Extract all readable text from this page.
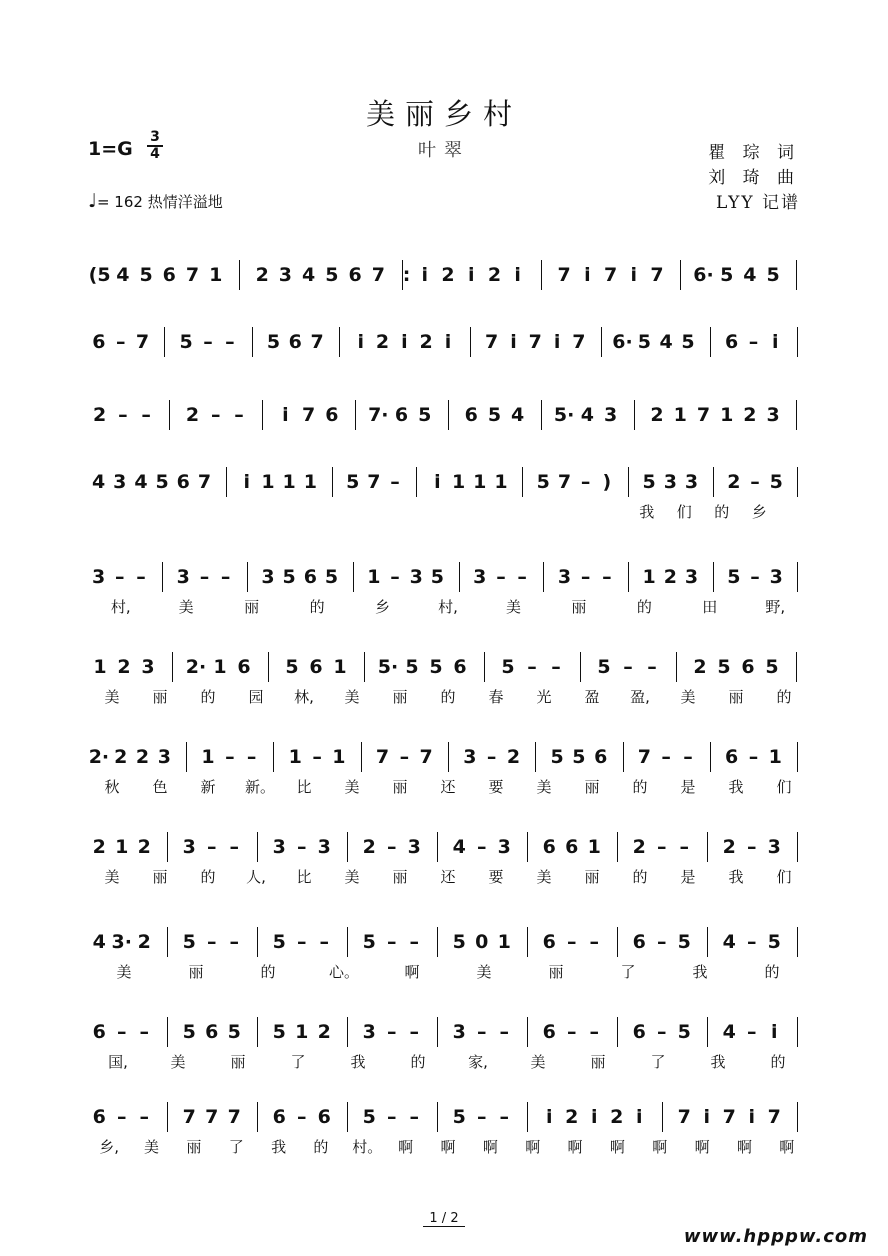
美丽乡村
叶翠
1=G
3
4
♩= 162 热情洋溢地
瞿 琮 词
刘 琦 曲
LYY 记谱
(5 4 5 6 7 1 2 3 4 5 6 7 : i 2 i 2 i	7 i 7 i 7 6· 5 4 5
6 – 7 5 – –	5 6 7	i 2 i 2 i	7 i 7 i 7 6· 5 4 5 6 – i
2 – –	2 – –	i 7 6 7· 6 5 6 5 4 5· 4 3 2 1 7 1 2 3
4 3 4 5 6 7	i 1 1 1 5 7 –	i 1 1 1 5 7 – )	5 3 3 2 – 5
我 们 的 乡
3 – –	3 – –	3 5 6 5 1 – 3 5 3 – –	3 – –	1 2 3 5 – 3
村,	美	丽	的	乡	村,	美	丽	的	田	野,
1 2 3 2· 1 6 5 6 1 5· 5 5 6 5 – –	5 – –	2 5 6 5
美 丽 的 园 林, 美 丽 的 春 光 盈 盈, 美 丽 的
2· 2 2 3 1 – –	1 – 1 7 – 7 3 – 2 5 5 6 7 – –	6 – 1
秋 色 新 新。 比 美 丽 还 要 美 丽 的 是 我 们
2 1 2 3 – –	3 – 3 2 – 3 4 – 3 6 6 1 2 – –	2 – 3
美 丽 的 人, 比 美 丽 还 要 美 丽 的 是 我 们
4 3· 2 5 – –	5 – –	5 – –	5 0 1 6 – –	6 – 5 4 – 5
美	丽	的	心。	啊	美	丽	了	我	的
6 – –	5 6 5 5 1 2 3 – –	3 – –	6 – –	6 – 5 4 – i
国,	美	丽	了	我	的	家,	美	丽	了	我	的
6 – –	7 7 7 6 – 6 5 – –	5 – –	i 2 i 2 i	7 i 7 i 7
乡, 美 丽 了 我 的 村。 啊 啊 啊 啊 啊 啊 啊 啊 啊 啊
1 / 2
www.hpppw.com
